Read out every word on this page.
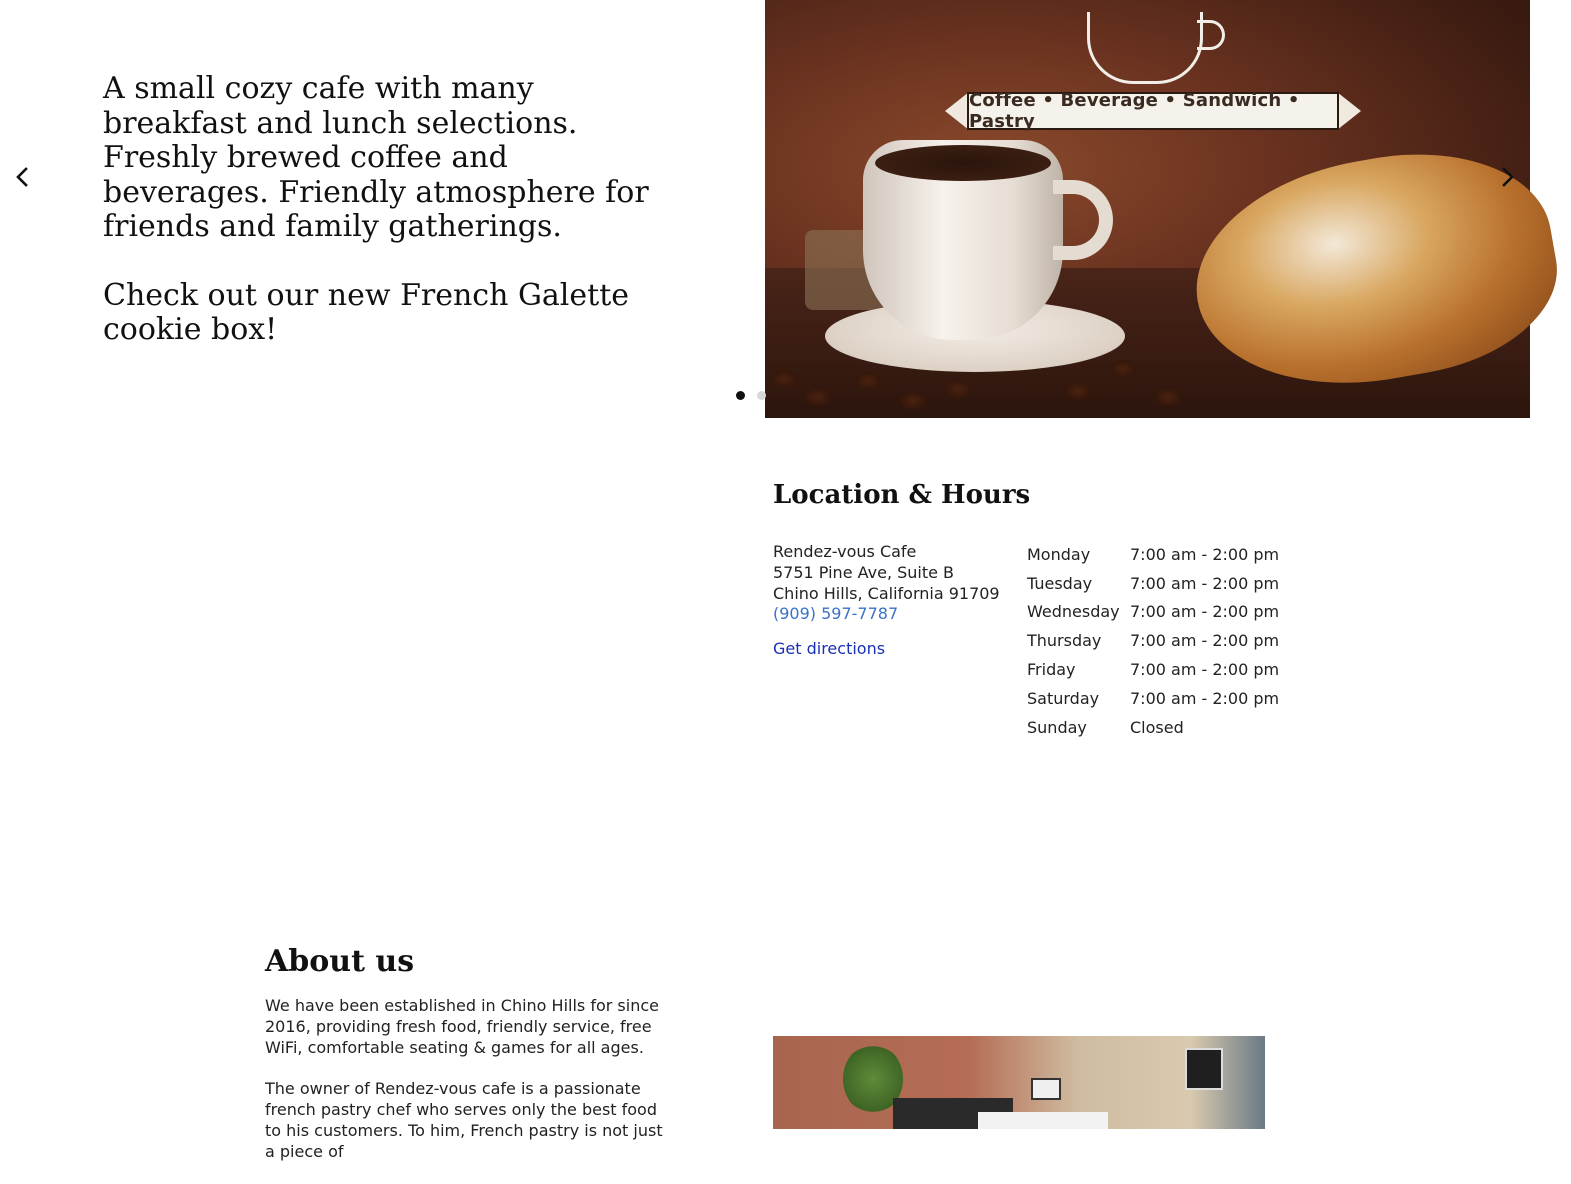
A small cozy cafe with many breakfast and lunch selections. Freshly brewed coffee and beverages. Friendly atmosphere for friends and family gatherings.

Check out our new French Galette cookie box!

Coffee • Beverage • Sandwich • Pastry
Location & Hours
Rendez-vous Cafe
5751 Pine Ave, Suite B
Chino Hills, California 91709
(909) 597-7787
Get directions
Monday	7:00 am - 2:00 pm
Tuesday	7:00 am - 2:00 pm
Wednesday	7:00 am - 2:00 pm
Thursday	7:00 am - 2:00 pm
Friday	7:00 am - 2:00 pm
Saturday	7:00 am - 2:00 pm
Sunday	Closed
About us

We have been established in Chino Hills for since 2016, providing fresh food, friendly service, free WiFi, comfortable seating & games for all ages.

The owner of Rendez-vous cafe is a passionate french pastry chef who serves only the best food to his customers. To him, French pastry is not just a piece of
